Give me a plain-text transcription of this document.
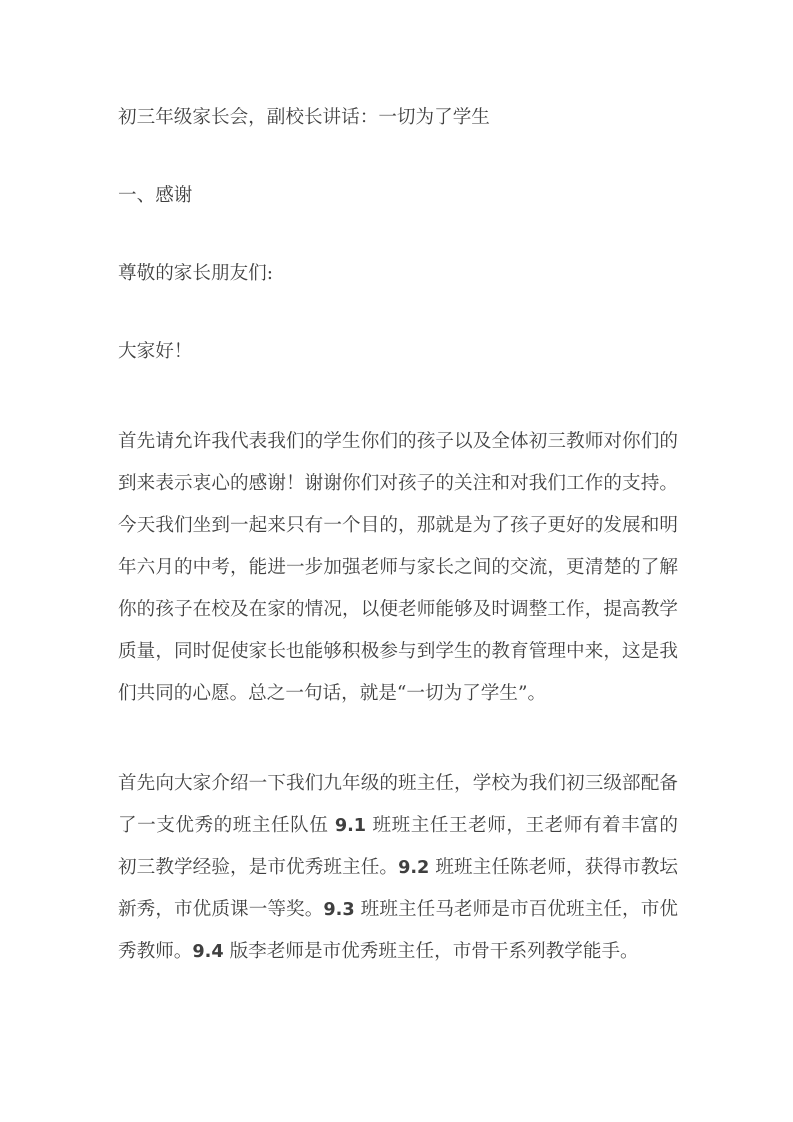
初三年级家长会，副校长讲话：一切为了学生

一、感谢

尊敬的家长朋友们:

大家好！

首先请允许我代表我们的学生你们的孩子以及全体初三教师对你们的到来表示衷心的感谢！谢谢你们对孩子的关注和对我们工作的支持。今天我们坐到一起来只有一个目的，那就是为了孩子更好的发展和明年六月的中考，能进一步加强老师与家长之间的交流，更清楚的了解你的孩子在校及在家的情况，以便老师能够及时调整工作，提高教学质量，同时促使家长也能够积极参与到学生的教育管理中来，这是我们共同的心愿。总之一句话，就是“一切为了学生”。

首先向大家介绍一下我们九年级的班主任，学校为我们初三级部配备了一支优秀的班主任队伍 9.1 班班主任王老师，王老师有着丰富的初三教学经验，是市优秀班主任。9.2 班班主任陈老师，获得市教坛新秀，市优质课一等奖。9.3 班班主任马老师是市百优班主任，市优秀教师。9.4 版李老师是市优秀班主任，市骨干系列教学能手。
